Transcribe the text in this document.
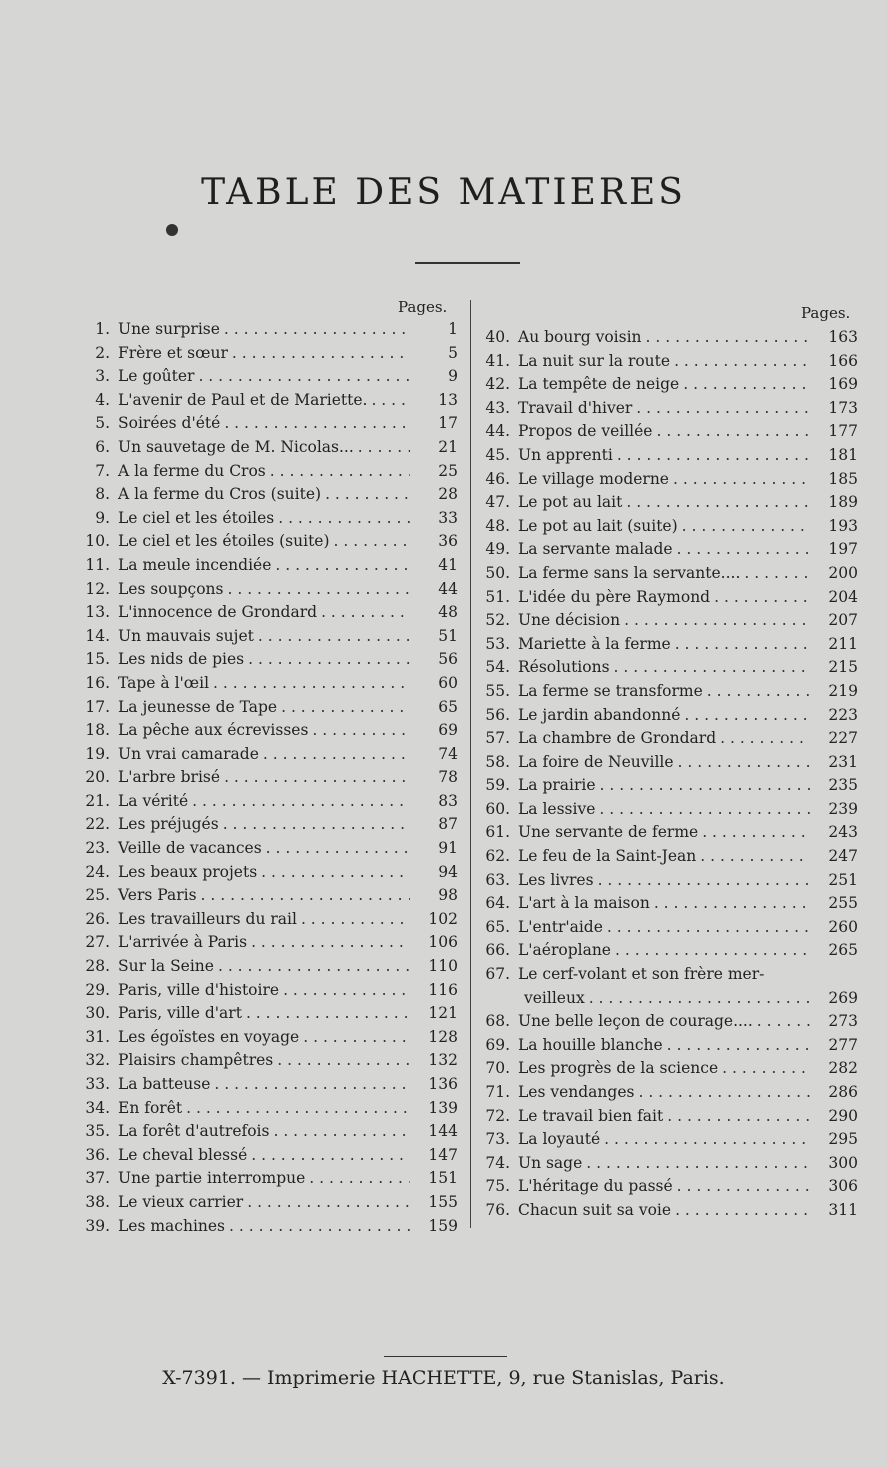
TABLE DES MATIERES
Pages.	Pages.
1. Une surprise . . .	1
2. Frère et sœur . . .	5
3. Le goûter . . .	9
4. L'avenir de Paul et de Mariette. . . .	13
5. Soirées d'été . . .	17
6. Un sauvetage de M. Nicolas... . . .	21
7. A la ferme du Cros . . .	25
8. A la ferme du Cros (suite) . . .	28
9. Le ciel et les étoiles . . .	33
10. Le ciel et les étoiles (suite) . . .	36
11. La meule incendiée . . .	41
12. Les soupçons . . .	44
13. L'innocence de Grondard . . .	48
14. Un mauvais sujet . . .	51
15. Les nids de pies . . .	56
16. Tape à l'œil . . .	60
17. La jeunesse de Tape . . .	65
18. La pêche aux écrevisses . . .	69
19. Un vrai camarade . . .	74
20. L'arbre brisé . . .	78
21. La vérité . . .	83
22. Les préjugés . . .	87
23. Veille de vacances . . .	91
24. Les beaux projets . . .	94
25. Vers Paris . . .	98
26. Les travailleurs du rail . . .	102
27. L'arrivée à Paris . . .	106
28. Sur la Seine . . .	110
29. Paris, ville d'histoire . . .	116
30. Paris, ville d'art . . .	121
31. Les égoïstes en voyage . . .	128
32. Plaisirs champêtres . . .	132
33. La batteuse . . .	136
34. En forêt . . .	139
35. La forêt d'autrefois . . .	144
36. Le cheval blessé . . .	147
37. Une partie interrompue . . .	151
38. Le vieux carrier . . .	155
39. Les machines . . .	159
40. Au bourg voisin . . .	163
41. La nuit sur la route . . .	166
42. La tempête de neige . . .	169
43. Travail d'hiver . . .	173
44. Propos de veillée . . .	177
45. Un apprenti . . .	181
46. Le village moderne . . .	185
47. Le pot au lait . . .	189
48. Le pot au lait (suite) . . .	193
49. La servante malade . . .	197
50. La ferme sans la servante.... . . .	200
51. L'idée du père Raymond . . .	204
52. Une décision . . .	207
53. Mariette à la ferme . . .	211
54. Résolutions . . .	215
55. La ferme se transforme . . .	219
56. Le jardin abandonné . . .	223
57. La chambre de Grondard . . .	227
58. La foire de Neuville . . .	231
59. La prairie . . .	235
60. La lessive . . .	239
61. Une servante de ferme . . .	243
62. Le feu de la Saint-Jean . . .	247
63. Les livres . . .	251
64. L'art à la maison . . .	255
65. L'entr'aide . . .	260
66. L'aéroplane . . .	265
67. Le cerf-volant et son frère mer-
veilleux . . .	269
68. Une belle leçon de courage.... . . .	273
69. La houille blanche . . .	277
70. Les progrès de la science . . .	282
71. Les vendanges . . .	286
72. Le travail bien fait . . .	290
73. La loyauté . . .	295
74. Un sage . . .	300
75. L'héritage du passé . . .	306
76. Chacun suit sa voie . . .	311
X-7391. — Imprimerie HACHETTE, 9, rue Stanislas, Paris.
